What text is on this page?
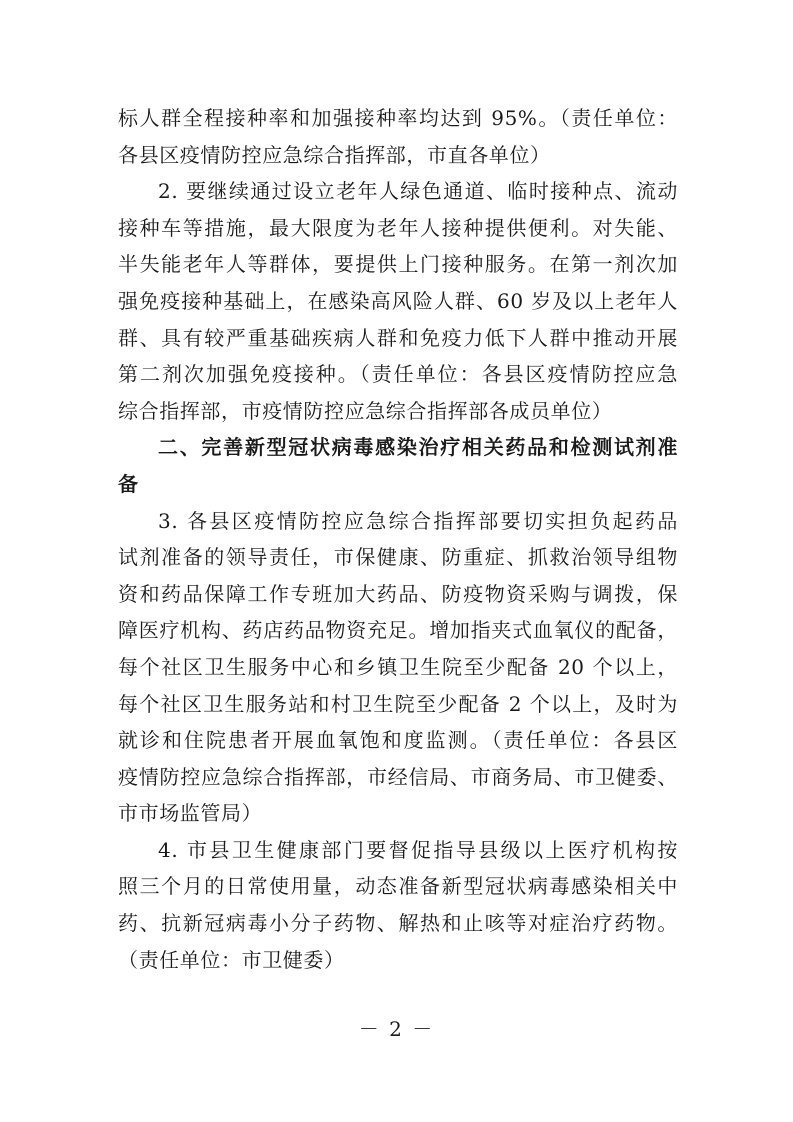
标人群全程接种率和加强接种率均达到 95%。（责任单位：
各县区疫情防控应急综合指挥部，市直各单位）
2. 要继续通过设立老年人绿色通道、临时接种点、流动
接种车等措施，最大限度为老年人接种提供便利。对失能、
半失能老年人等群体，要提供上门接种服务。在第一剂次加
强免疫接种基础上，在感染高风险人群、60 岁及以上老年人
群、具有较严重基础疾病人群和免疫力低下人群中推动开展
第二剂次加强免疫接种。（责任单位：各县区疫情防控应急
综合指挥部，市疫情防控应急综合指挥部各成员单位）
二、完善新型冠状病毒感染治疗相关药品和检测试剂准
备
3. 各县区疫情防控应急综合指挥部要切实担负起药品
试剂准备的领导责任，市保健康、防重症、抓救治领导组物
资和药品保障工作专班加大药品、防疫物资采购与调拨，保
障医疗机构、药店药品物资充足。增加指夹式血氧仪的配备，
每个社区卫生服务中心和乡镇卫生院至少配备 20 个以上，
每个社区卫生服务站和村卫生院至少配备 2 个以上，及时为
就诊和住院患者开展血氧饱和度监测。（责任单位：各县区
疫情防控应急综合指挥部，市经信局、市商务局、市卫健委、
市市场监管局）
4. 市县卫生健康部门要督促指导县级以上医疗机构按
照三个月的日常使用量，动态准备新型冠状病毒感染相关中
药、抗新冠病毒小分子药物、解热和止咳等对症治疗药物。
（责任单位：市卫健委）
－ 2 －
